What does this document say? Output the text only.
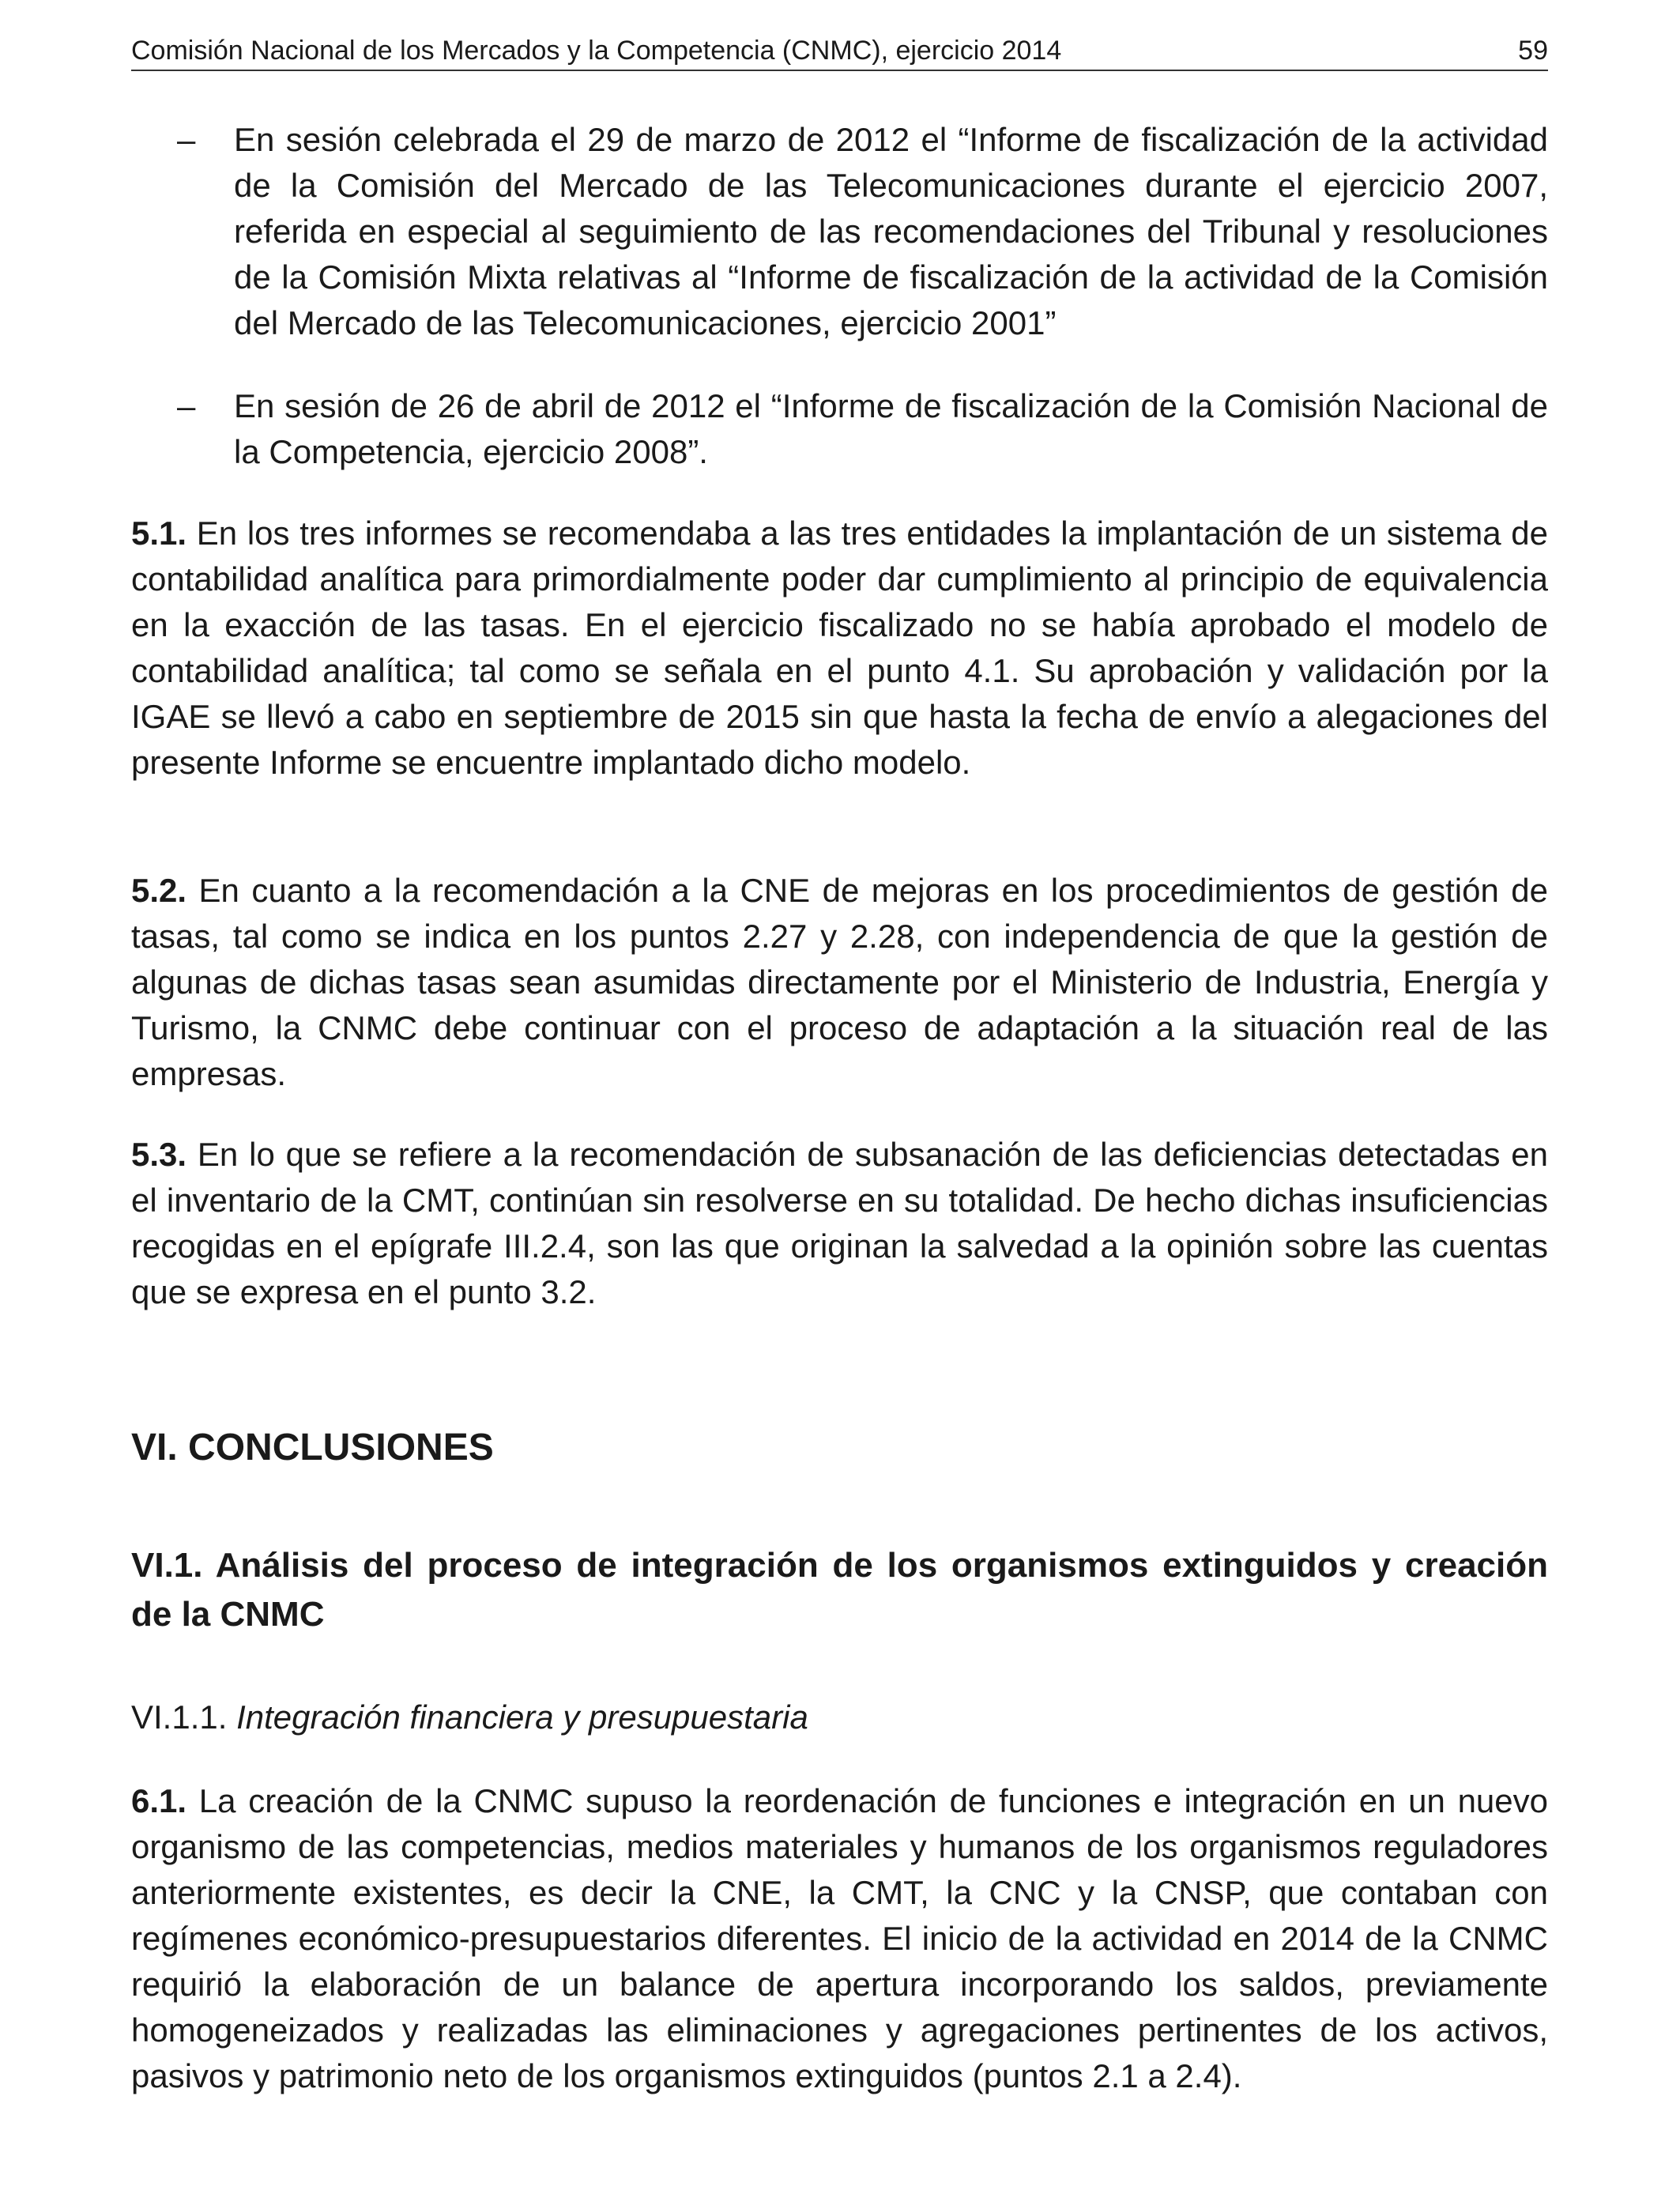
Comisión Nacional de los Mercados y la Competencia (CNMC), ejercicio 2014	59
– En sesión celebrada el 29 de marzo de 2012 el “Informe de fiscalización de la actividad de la Comisión del Mercado de las Telecomunicaciones durante el ejercicio 2007, referida en especial al seguimiento de las recomendaciones del Tribunal y resoluciones de la Comisión Mixta relativas al “Informe de fiscalización de la actividad de la Comisión del Mercado de las Telecomunicaciones, ejercicio 2001”

– En sesión de 26 de abril de 2012 el “Informe de fiscalización de la Comisión Nacional de la Competencia, ejercicio 2008”.

5.1. En los tres informes se recomendaba a las tres entidades la implantación de un sistema de contabilidad analítica para primordialmente poder dar cumplimiento al principio de equivalencia en la exacción de las tasas. En el ejercicio fiscalizado no se había aprobado el modelo de contabilidad analítica; tal como se señala en el punto 4.1. Su aprobación y validación por la IGAE se llevó a cabo en septiembre de 2015 sin que hasta la fecha de envío a alegaciones del presente Informe se encuentre implantado dicho modelo.

5.2. En cuanto a la recomendación a la CNE de mejoras en los procedimientos de gestión de tasas, tal como se indica en los puntos 2.27 y 2.28, con independencia de que la gestión de algunas de dichas tasas sean asumidas directamente por el Ministerio de Industria, Energía y Turismo, la CNMC debe continuar con el proceso de adaptación a la situación real de las empresas.

5.3. En lo que se refiere a la recomendación de subsanación de las deficiencias detectadas en el inventario de la CMT, continúan sin resolverse en su totalidad. De hecho dichas insuficiencias recogidas en el epígrafe III.2.4, son las que originan la salvedad a la opinión sobre las cuentas que se expresa en el punto 3.2.

VI. CONCLUSIONES
VI.1. Análisis del proceso de integración de los organismos extinguidos y creación de la CNMC

VI.1.1. Integración financiera y presupuestaria

6.1. La creación de la CNMC supuso la reordenación de funciones e integración en un nuevo organismo de las competencias, medios materiales y humanos de los organismos reguladores anteriormente existentes, es decir la CNE, la CMT, la CNC y la CNSP, que contaban con regímenes económico-presupuestarios diferentes. El inicio de la actividad en 2014 de la CNMC requirió la elaboración de un balance de apertura incorporando los saldos, previamente homogeneizados y realizadas las eliminaciones y agregaciones pertinentes de los activos, pasivos y patrimonio neto de los organismos extinguidos (puntos 2.1 a 2.4).
